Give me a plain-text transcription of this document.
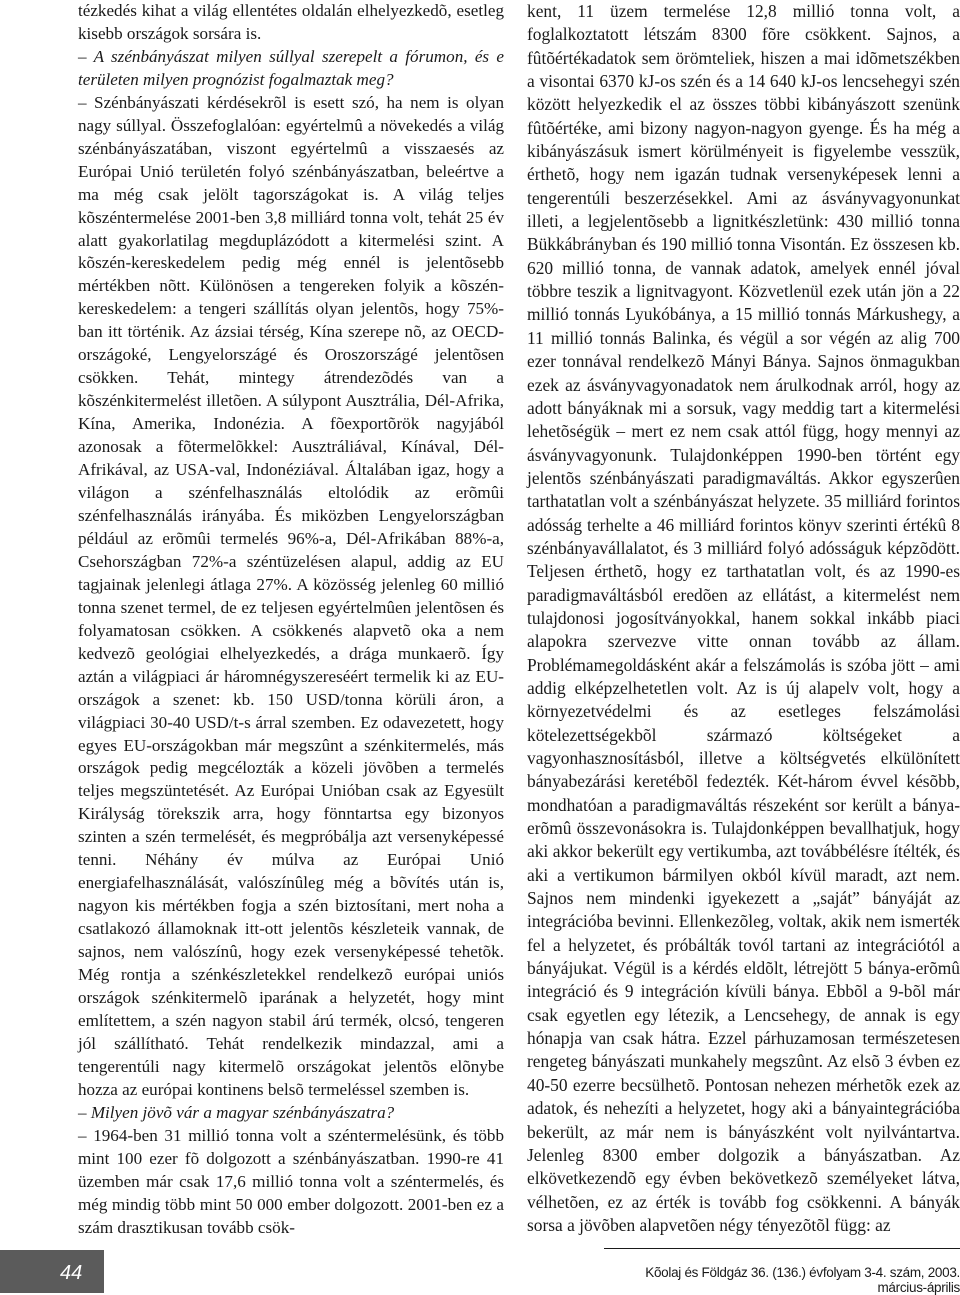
tézkedés kihat a világ ellentétes oldalán elhelyezkedõ, esetleg kisebb országok sorsára is.

– A szénbányászat milyen súllyal szerepelt a fórumon, és e területen milyen prognózist fogalmaztak meg?

– Szénbányászati kérdésekrõl is esett szó, ha nem is olyan nagy súllyal. Összefoglalóan: egyértelmû a növekedés a világ szénbányászatában, viszont egyértelmû a visszaesés az Európai Unió területén folyó szénbányászatban, beleértve a ma még csak jelölt tagországokat is. A világ teljes kõszéntermelése 2001-ben 3,8 milliárd tonna volt, tehát 25 év alatt gyakorlatilag megduplázódott a kitermelési szint. A kõszén-kereskedelem pedig még ennél is jelentõsebb mértékben nõtt. Különösen a tengereken folyik a kõszén-kereskedelem: a tengeri szállítás olyan jelentõs, hogy 75%-ban itt történik. Az ázsiai térség, Kína szerepe nõ, az OECD-országoké, Lengyelországé és Oroszországé jelentõsen csökken. Tehát, mintegy átrendezõdés van a kõszénkitermelést illetõen. A súlypont Ausztrália, Dél-Afrika, Kína, Amerika, Indonézia. A fõexportõrök nagyjából azonosak a fõtermelõkkel: Ausztráliával, Kínával, Dél-Afrikával, az USA-val, Indonéziával. Általában igaz, hogy a világon a szénfelhasználás eltolódik az erõmûi szénfelhasználás irányába. És miközben Lengyelországban például az erõmûi termelés 96%-a, Dél-Afrikában 88%-a, Csehországban 72%-a széntüzelésen alapul, addig az EU tagjainak jelenlegi átlaga 27%. A közösség jelenleg 60 millió tonna szenet termel, de ez teljesen egyértelmûen jelentõsen és folyamatosan csökken. A csökkenés alapvetõ oka a nem kedvezõ geológiai elhelyezkedés, a drága munkaerõ. Így aztán a világpiaci ár háromnégyszereséért termelik ki az EU-országok a szenet: kb. 150 USD/tonna körüli áron, a világpiaci 30-40 USD/t-s árral szemben. Ez odavezetett, hogy egyes EU-országokban már megszûnt a szénkitermelés, más országok pedig megcélozták a közeli jövõben a termelés teljes megszüntetését. Az Európai Unióban csak az Egyesült Királyság törekszik arra, hogy fönntartsa egy bizonyos szinten a szén termelését, és megpróbálja azt versenyképessé tenni. Néhány év múlva az Európai Unió energiafelhasználását, valószínûleg még a bõvítés után is, nagyon kis mértékben fogja a szén biztosítani, mert noha a csatlakozó államoknak itt-ott jelentõs készleteik vannak, de sajnos, nem valószínû, hogy ezek versenyképessé tehetõk. Még rontja a szénkészletekkel rendelkezõ európai uniós országok szénkitermelõ iparának a helyzetét, hogy mint említettem, a szén nagyon stabil árú termék, olcsó, tengeren jól szállítható. Tehát rendelkezik mindazzal, ami a tengerentúli nagy kitermelõ országokat jelentõs elõnybe hozza az európai kontinens belsõ termeléssel szemben is.

– Milyen jövõ vár a magyar szénbányászatra?

– 1964-ben 31 millió tonna volt a széntermelésünk, és több mint 100 ezer fõ dolgozott a szénbányászatban. 1990-re 41 üzemben már csak 17,6 millió tonna volt a széntermelés, és még mindig több mint 50 000 ember dolgozott. 2001-ben ez a szám drasztikusan tovább csök-

kent, 11 üzem termelése 12,8 millió tonna volt, a foglalkoztatott létszám 8300 fõre csökkent. Sajnos, a fûtõértékadatok sem örömteliek, hiszen a mai idõmetszékben a visontai 6370 kJ-os szén és a 14 640 kJ-os lencsehegyi szén között helyezkedik el az összes többi kibányászott szenünk fûtõértéke, ami bizony nagyon-nagyon gyenge. És ha még a kibányászásuk ismert körülményeit is figyelembe vesszük, érthetõ, hogy nem igazán tudnak versenyképesek lenni a tengerentúli beszerzésekkel. Ami az ásványvagyonunkat illeti, a legjelentõsebb a lignitkészletünk: 430 millió tonna Bükkábrányban és 190 millió tonna Visontán. Ez összesen kb. 620 millió tonna, de vannak adatok, amelyek ennél jóval többre teszik a lignitvagyont. Közvetlenül ezek után jön a 22 millió tonnás Lyukóbánya, a 15 millió tonnás Márkushegy, a 11 millió tonnás Balinka, és végül a sor végén az alig 700 ezer tonnával rendelkezõ Mányi Bánya. Sajnos önmagukban ezek az ásványvagyonadatok nem árulkodnak arról, hogy az adott bányáknak mi a sorsuk, vagy meddig tart a kitermelési lehetõségük – mert ez nem csak attól függ, hogy mennyi az ásványvagyonunk. Tulajdonképpen 1990-ben történt egy jelentõs szénbányászati paradigmaváltás. Akkor egyszerûen tarthatatlan volt a szénbányászat helyzete. 35 milliárd forintos adósság terhelte a 46 milliárd forintos könyv szerinti értékû 8 szénbányavállalatot, és 3 milliárd folyó adósságuk képzõdött. Teljesen érthetõ, hogy ez tarthatatlan volt, és az 1990-es paradigmaváltásból eredõen az ellátást, a kitermelést nem tulajdonosi jogosítványokkal, hanem sokkal inkább piaci alapokra szervezve vitte onnan tovább az állam. Problémamegoldásként akár a felszámolás is szóba jött – ami addig elképzelhetetlen volt. Az is új alapelv volt, hogy a környezetvédelmi és az esetleges felszámolási kötelezettségekbõl származó költségeket a vagyonhasznosításból, illetve a költségvetés elkülönített bányabezárási keretébõl fedezték. Két-három évvel késõbb, mondhatóan a paradigmaváltás részeként sor került a bánya-erõmû összevonásokra is. Tulajdonképpen bevallhatjuk, hogy aki akkor bekerült egy vertikumba, azt továbbélésre ítélték, és aki a vertikumon bármilyen okból kívül maradt, azt nem. Sajnos nem mindenki igyekezett a „saját” bányáját az integrációba bevinni. Ellenkezõleg, voltak, akik nem ismerték fel a helyzetet, és próbálták tovól tartani az integrációtól a bányájukat. Végül is a kérdés eldõlt, létrejött 5 bánya-erõmû integráció és 9 integráción kívüli bánya. Ebbõl a 9-bõl már csak egyetlen egy létezik, a Lencsehegy, de annak is egy hónapja van csak hátra. Ezzel párhuzamosan természetesen rengeteg bányászati munkahely megszûnt. Az elsõ 3 évben ez 40-50 ezerre becsülhetõ. Pontosan nehezen mérhetõk ezek az adatok, és nehezíti a helyzetet, hogy aki a bányaintegrációba bekerült, az már nem is bányászként volt nyilvántartva. Jelenleg 8300 ember dolgozik a bányászatban. Az elkövetkezendõ egy évben bekövetkezõ személyeket látva, vélhetõen, ez az érték is tovább fog csökkenni. A bányák sorsa a jövõben alapvetõen négy tényezõtõl függ: az

44	Kõolaj és Földgáz 36. (136.) évfolyam 3-4. szám, 2003. március-április
